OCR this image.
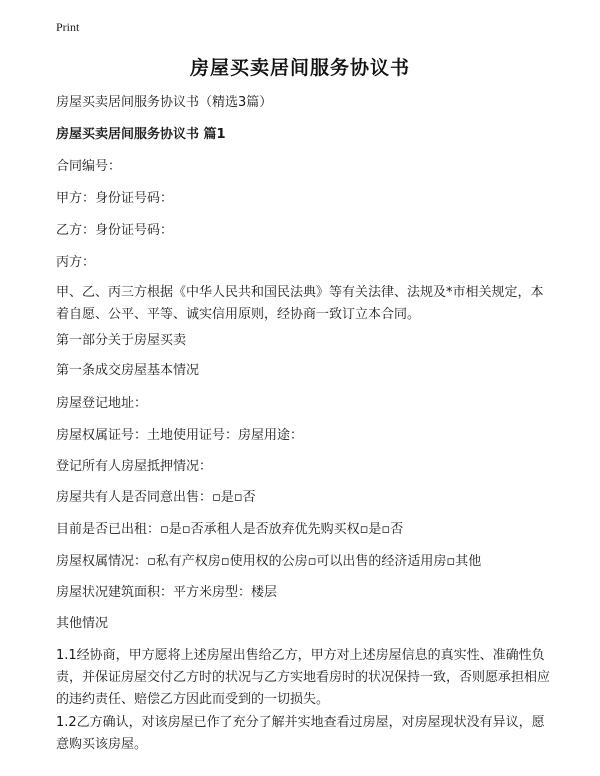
Print
房屋买卖居间服务协议书
房屋买卖居间服务协议书（精选3篇）
房屋买卖居间服务协议书 篇1
合同编号：
甲方：身份证号码：
乙方：身份证号码：
丙方：
甲、乙、丙三方根据《中华人民共和国民法典》等有关法律、法规及*市相关规定，本着自愿、公平、平等、诚实信用原则，经协商一致订立本合同。
第一部分关于房屋买卖
第一条成交房屋基本情况
房屋登记地址：
房屋权属证号：土地使用证号：房屋用途：
登记所有人房屋抵押情况：
房屋共有人是否同意出售：▫是▫否
目前是否已出租：▫是▫否承租人是否放弃优先购买权▫是▫否
房屋权属情况：▫私有产权房▫使用权的公房▫可以出售的经济适用房▫其他
房屋状况建筑面积：平方米房型：楼层
其他情况
1.1经协商，甲方愿将上述房屋出售给乙方，甲方对上述房屋信息的真实性、准确性负责，并保证房屋交付乙方时的状况与乙方实地看房时的状况保持一致，否则愿承担相应的违约责任、赔偿乙方因此而受到的一切损失。
1.2乙方确认，对该房屋已作了充分了解并实地查看过房屋，对房屋现状没有异议，愿意购买该房屋。
